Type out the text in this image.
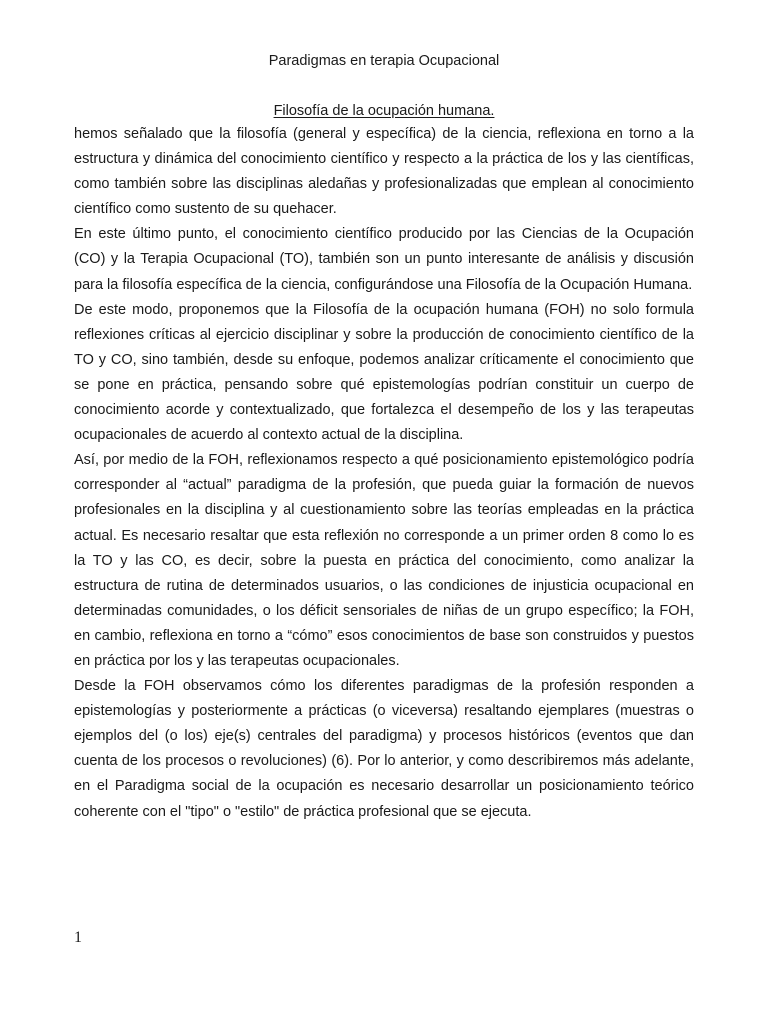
Paradigmas en terapia Ocupacional
Filosofía de la ocupación humana.

hemos señalado que la filosofía (general y específica) de la ciencia, reflexiona en torno a la estructura y dinámica del conocimiento científico y respecto a la práctica de los y las científicas, como también sobre las disciplinas aledañas y profesionalizadas que emplean al conocimiento científico como sustento de su quehacer.

En este último punto, el conocimiento científico producido por las Ciencias de la Ocupación (CO) y la Terapia Ocupacional (TO), también son un punto interesante de análisis y discusión para la filosofía específica de la ciencia, configurándose una Filosofía de la Ocupación Humana.

De este modo, proponemos que la Filosofía de la ocupación humana (FOH) no solo formula reflexiones críticas al ejercicio disciplinar y sobre la producción de conocimiento científico de la TO y CO, sino también, desde su enfoque, podemos analizar críticamente el conocimiento que se pone en práctica, pensando sobre qué epistemologías podrían constituir un cuerpo de conocimiento acorde y contextualizado, que fortalezca el desempeño de los y las terapeutas ocupacionales de acuerdo al contexto actual de la disciplina.

Así, por medio de la FOH, reflexionamos respecto a qué posicionamiento epistemológico podría corresponder al “actual” paradigma de la profesión, que pueda guiar la formación de nuevos profesionales en la disciplina y al cuestionamiento sobre las teorías empleadas en la práctica actual. Es necesario resaltar que esta reflexión no corresponde a un primer orden 8 como lo es la TO y las CO, es decir, sobre la puesta en práctica del conocimiento, como analizar la estructura de rutina de determinados usuarios, o las condiciones de injusticia ocupacional en determinadas comunidades, o los déficit sensoriales de niñas de un grupo específico; la FOH, en cambio, reflexiona en torno a “cómo” esos conocimientos de base son construidos y puestos en práctica por los y las terapeutas ocupacionales.

Desde la FOH observamos cómo los diferentes paradigmas de la profesión responden a epistemologías y posteriormente a prácticas (o viceversa) resaltando ejemplares (muestras o ejemplos del (o los) eje(s) centrales del paradigma) y procesos históricos (eventos que dan cuenta de los procesos o revoluciones) (6). Por lo anterior, y como describiremos más adelante, en el Paradigma social de la ocupación es necesario desarrollar un posicionamiento teórico coherente con el "tipo" o "estilo" de práctica profesional que se ejecuta.

1
